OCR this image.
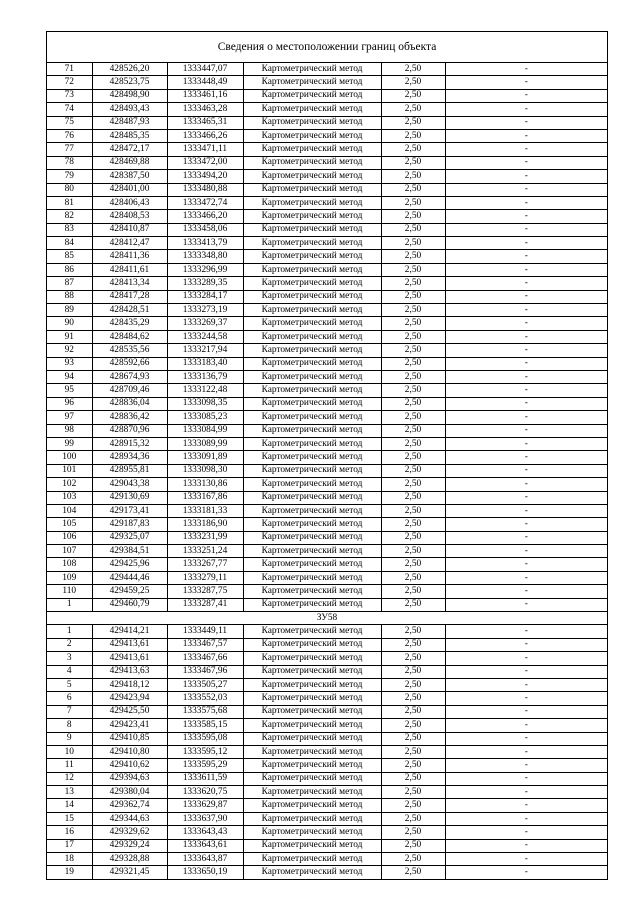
Сведения о местоположении границ объекта
71	428526,20	1333447,07	Картометрический метод	2,50	-
72	428523,75	1333448,49	Картометрический метод	2,50	-
73	428498,90	1333461,16	Картометрический метод	2,50	-
74	428493,43	1333463,28	Картометрический метод	2,50	-
75	428487,93	1333465,31	Картометрический метод	2,50	-
76	428485,35	1333466,26	Картометрический метод	2,50	-
77	428472,17	1333471,11	Картометрический метод	2,50	-
78	428469,88	1333472,00	Картометрический метод	2,50	-
79	428387,50	1333494,20	Картометрический метод	2,50	-
80	428401,00	1333480,88	Картометрический метод	2,50	-
81	428406,43	1333472,74	Картометрический метод	2,50	-
82	428408,53	1333466,20	Картометрический метод	2,50	-
83	428410,87	1333458,06	Картометрический метод	2,50	-
84	428412,47	1333413,79	Картометрический метод	2,50	-
85	428411,36	1333348,80	Картометрический метод	2,50	-
86	428411,61	1333296,99	Картометрический метод	2,50	-
87	428413,34	1333289,35	Картометрический метод	2,50	-
88	428417,28	1333284,17	Картометрический метод	2,50	-
89	428428,51	1333273,19	Картометрический метод	2,50	-
90	428435,29	1333269,37	Картометрический метод	2,50	-
91	428484,62	1333244,58	Картометрический метод	2,50	-
92	428535,56	1333217,94	Картометрический метод	2,50	-
93	428592,66	1333183,40	Картометрический метод	2,50	-
94	428674,93	1333136,79	Картометрический метод	2,50	-
95	428709,46	1333122,48	Картометрический метод	2,50	-
96	428836,04	1333098,35	Картометрический метод	2,50	-
97	428836,42	1333085,23	Картометрический метод	2,50	-
98	428870,96	1333084,99	Картометрический метод	2,50	-
99	428915,32	1333089,99	Картометрический метод	2,50	-
100	428934,36	1333091,89	Картометрический метод	2,50	-
101	428955,81	1333098,30	Картометрический метод	2,50	-
102	429043,38	1333130,86	Картометрический метод	2,50	-
103	429130,69	1333167,86	Картометрический метод	2,50	-
104	429173,41	1333181,33	Картометрический метод	2,50	-
105	429187,83	1333186,90	Картометрический метод	2,50	-
106	429325,07	1333231,99	Картометрический метод	2,50	-
107	429384,51	1333251,24	Картометрический метод	2,50	-
108	429425,96	1333267,77	Картометрический метод	2,50	-
109	429444,46	1333279,11	Картометрический метод	2,50	-
110	429459,25	1333287,75	Картометрический метод	2,50	-
1	429460,79	1333287,41	Картометрический метод	2,50	-
ЗУ58					
1	429414,21	1333449,11	Картометрический метод	2,50	-
2	429413,61	1333467,57	Картометрический метод	2,50	-
3	429413,61	1333467,66	Картометрический метод	2,50	-
4	429413,63	1333467,96	Картометрический метод	2,50	-
5	429418,12	1333505,27	Картометрический метод	2,50	-
6	429423,94	1333552,03	Картометрический метод	2,50	-
7	429425,50	1333575,68	Картометрический метод	2,50	-
8	429423,41	1333585,15	Картометрический метод	2,50	-
9	429410,85	1333595,08	Картометрический метод	2,50	-
10	429410,80	1333595,12	Картометрический метод	2,50	-
11	429410,62	1333595,29	Картометрический метод	2,50	-
12	429394,63	1333611,59	Картометрический метод	2,50	-
13	429380,04	1333620,75	Картометрический метод	2,50	-
14	429362,74	1333629,87	Картометрический метод	2,50	-
15	429344,63	1333637,90	Картометрический метод	2,50	-
16	429329,62	1333643,43	Картометрический метод	2,50	-
17	429329,24	1333643,61	Картометрический метод	2,50	-
18	429328,88	1333643,87	Картометрический метод	2,50	-
19	429321,45	1333650,19	Картометрический метод	2,50	-
